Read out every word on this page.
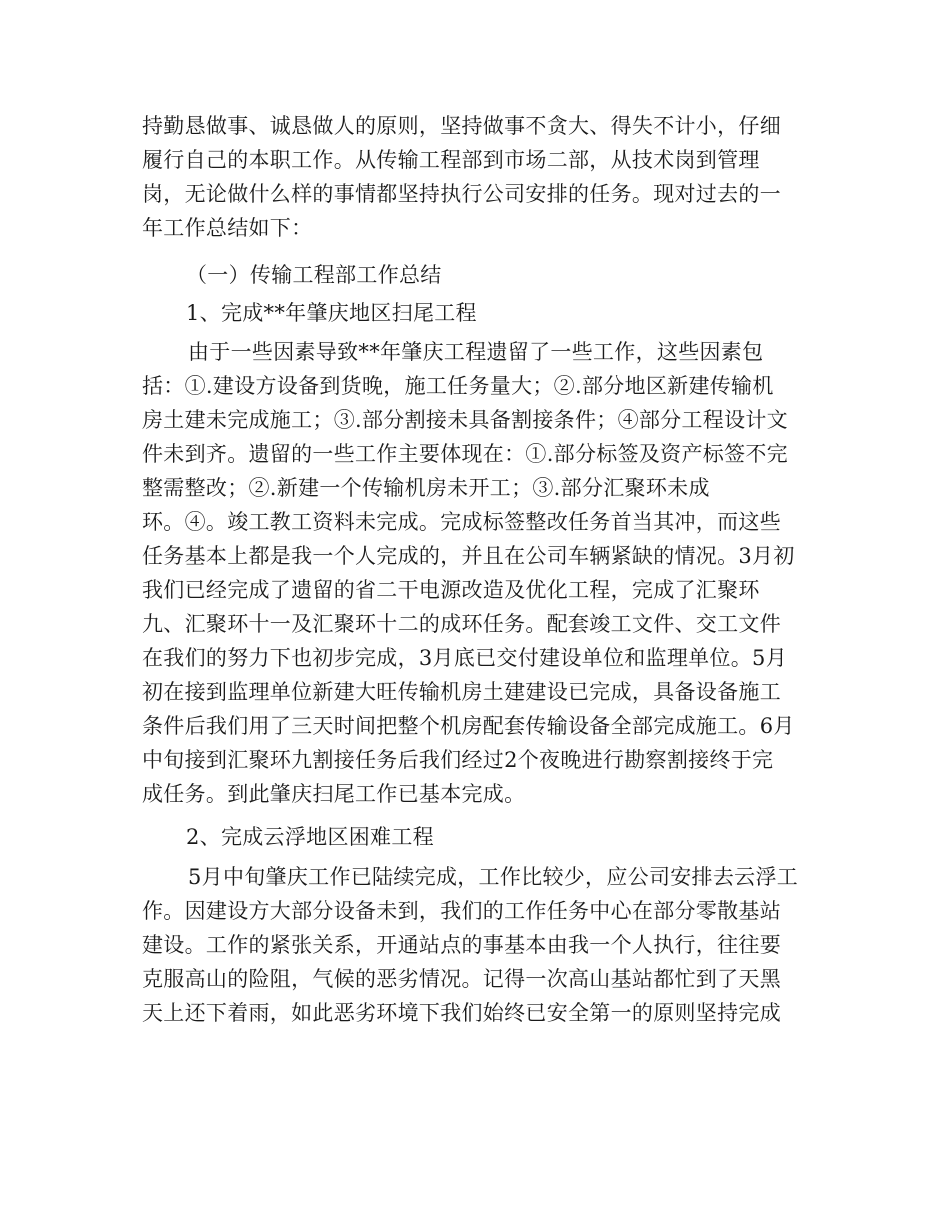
持勤恳做事、诚恳做人的原则，坚持做事不贪大、得失不计小，仔细
履行自己的本职工作。从传输工程部到市场二部，从技术岗到管理
岗，无论做什么样的事情都坚持执行公司安排的任务。现对过去的一
年工作总结如下：
（一）传输工程部工作总结
1、完成**年肇庆地区扫尾工程
由于一些因素导致**年肇庆工程遗留了一些工作，这些因素包
括：①.建设方设备到货晚，施工任务量大；②.部分地区新建传输机
房土建未完成施工；③.部分割接未具备割接条件；④部分工程设计文
件未到齐。遗留的一些工作主要体现在：①.部分标签及资产标签不完
整需整改；②.新建一个传输机房未开工；③.部分汇聚环未成
环。④。竣工教工资料未完成。完成标签整改任务首当其冲，而这些
任务基本上都是我一个人完成的，并且在公司车辆紧缺的情况。3月初
我们已经完成了遗留的省二干电源改造及优化工程，完成了汇聚环
九、汇聚环十一及汇聚环十二的成环任务。配套竣工文件、交工文件
在我们的努力下也初步完成，3月底已交付建设单位和监理单位。5月
初在接到监理单位新建大旺传输机房土建建设已完成，具备设备施工
条件后我们用了三天时间把整个机房配套传输设备全部完成施工。6月
中旬接到汇聚环九割接任务后我们经过2个夜晚进行勘察割接终于完
成任务。到此肇庆扫尾工作已基本完成。
2、完成云浮地区困难工程
5月中旬肇庆工作已陆续完成，工作比较少，应公司安排去云浮工
作。因建设方大部分设备未到，我们的工作任务中心在部分零散基站
建设。工作的紧张关系，开通站点的事基本由我一个人执行，往往要
克服高山的险阻，气候的恶劣情况。记得一次高山基站都忙到了天黑
天上还下着雨，如此恶劣环境下我们始终已安全第一的原则坚持完成
